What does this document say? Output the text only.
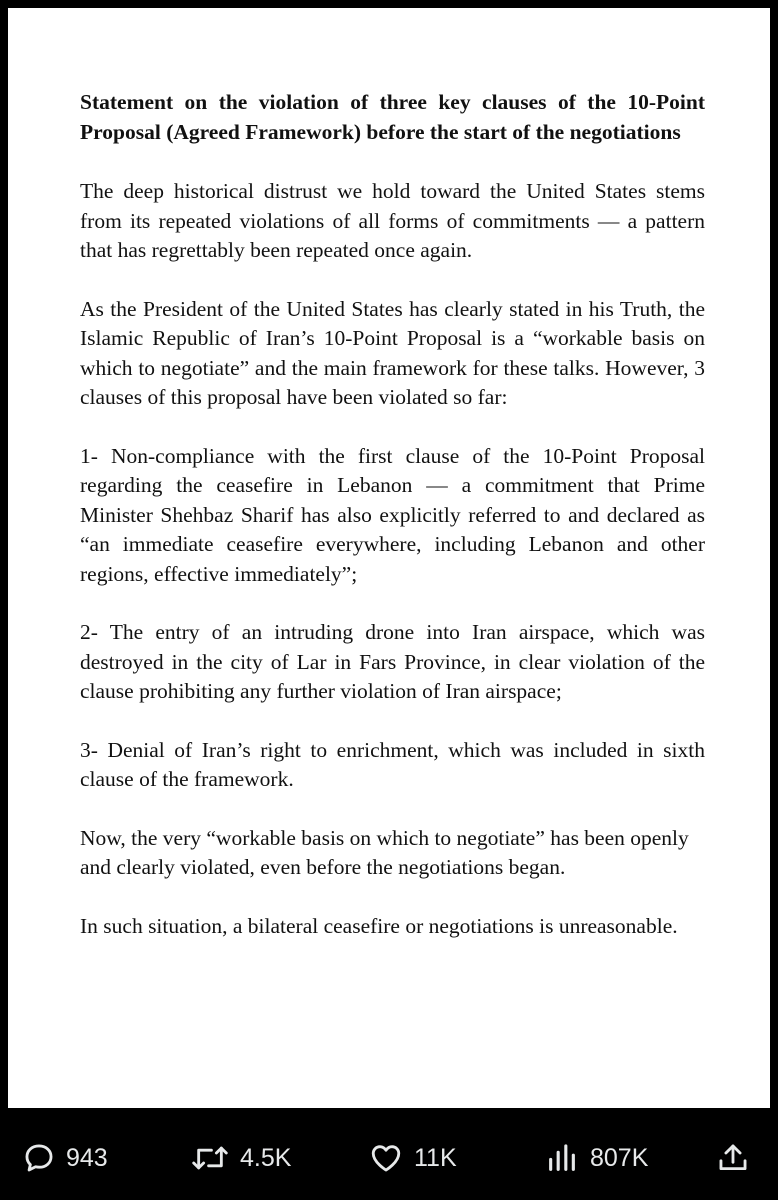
Statement on the violation of three key clauses of the 10-Point Proposal (Agreed Framework) before the start of the negotiations
The deep historical distrust we hold toward the United States stems from its repeated violations of all forms of commitments — a pattern that has regrettably been repeated once again.
As the President of the United States has clearly stated in his Truth, the Islamic Republic of Iran’s 10-Point Proposal is a “workable basis on which to negotiate” and the main framework for these talks. However, 3 clauses of this proposal have been violated so far:
1- Non-compliance with the first clause of the 10-Point Proposal regarding the ceasefire in Lebanon — a commitment that Prime Minister Shehbaz Sharif has also explicitly referred to and declared as “an immediate ceasefire everywhere, including Lebanon and other regions, effective immediately”;
2- The entry of an intruding drone into Iran airspace, which was destroyed in the city of Lar in Fars Province, in clear violation of the clause prohibiting any further violation of Iran airspace;
3- Denial of Iran’s right to enrichment, which was included in sixth clause of the framework.
Now, the very “workable basis on which to negotiate” has been openly and clearly violated, even before the negotiations began.
In such situation, a bilateral ceasefire or negotiations is unreasonable.
943	4.5K	11K	807K
